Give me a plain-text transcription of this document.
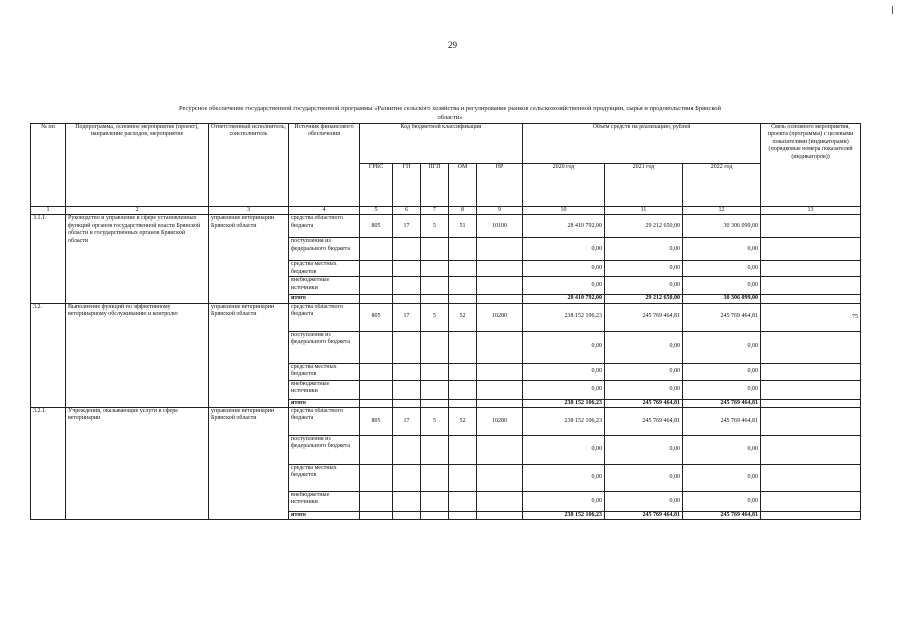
29
Ресурсное обеспечение государственной государственной программы «Развитие сельского хозяйства и регулирование рынков сельскохозяйственной продукции, сырья и продовольствия Брянской области»
№ пп	Подпрограмма, основное мероприятие (проект), направление расходов, мероприятие	Ответственный исполнитель, соисполнитель	Источник финансового обеспечения	Код бюджетной классификации					Объем средств на реализацию, рублей			Связь основного мероприятия, проекта (программы) с целевыми показателями (индикаторами) (порядковые номера показателей (индикаторов))
				ГРБС	ГП	ПГП	ОМ	НР	2020 год	2021 год	2022 год	
1	2	3	4	5	6	7	8	9	10	11	12	13
3.1.1.	Руководство и управление в сфере установленных функций органов государственной власти Брянской области и государственных органов Брянской области	управление ветеринарии Брянской области	средства областного бюджета	805	17	5	51	10100	28 410 792,00	29 212 650,00	30 306 099,00	
			поступления из федерального бюджета						0,00	0,00	0,00	
			средства местных бюджетов						0,00	0,00	0,00	
			внебюджетные источники						0,00	0,00	0,00	
			итого						28 410 792,00	29 212 650,00	30 306 099,00	
3.2.	Выполнение функций по эффективному ветеринарному обслуживанию и контролю	управление ветеринарии Брянской области	средства областного бюджета	805	17	5	52	10280	238 152 106,23	245 769 464,81	245 769 464,81	75
			поступления из федерального бюджета						0,00	0,00	0,00	
			средства местных бюджетов						0,00	0,00	0,00	
			внебюджетные источники						0,00	0,00	0,00	
			итого						238 152 106,23	245 769 464,81	245 769 464,81	
3.2.1.	Учреждения, оказывающие услуги в сфере ветеринарии	управление ветеринарии Брянской области	средства областного бюджета	805	17	5	52	10280	238 152 106,23	245 769 464,81	245 769 464,81	
			поступления из федерального бюджета						0,00	0,00	0,00	
			средства местных бюджетов						0,00	0,00	0,00	
			внебюджетные источники						0,00	0,00	0,00	
			итого						238 152 106,23	245 769 464,81	245 769 464,81	
